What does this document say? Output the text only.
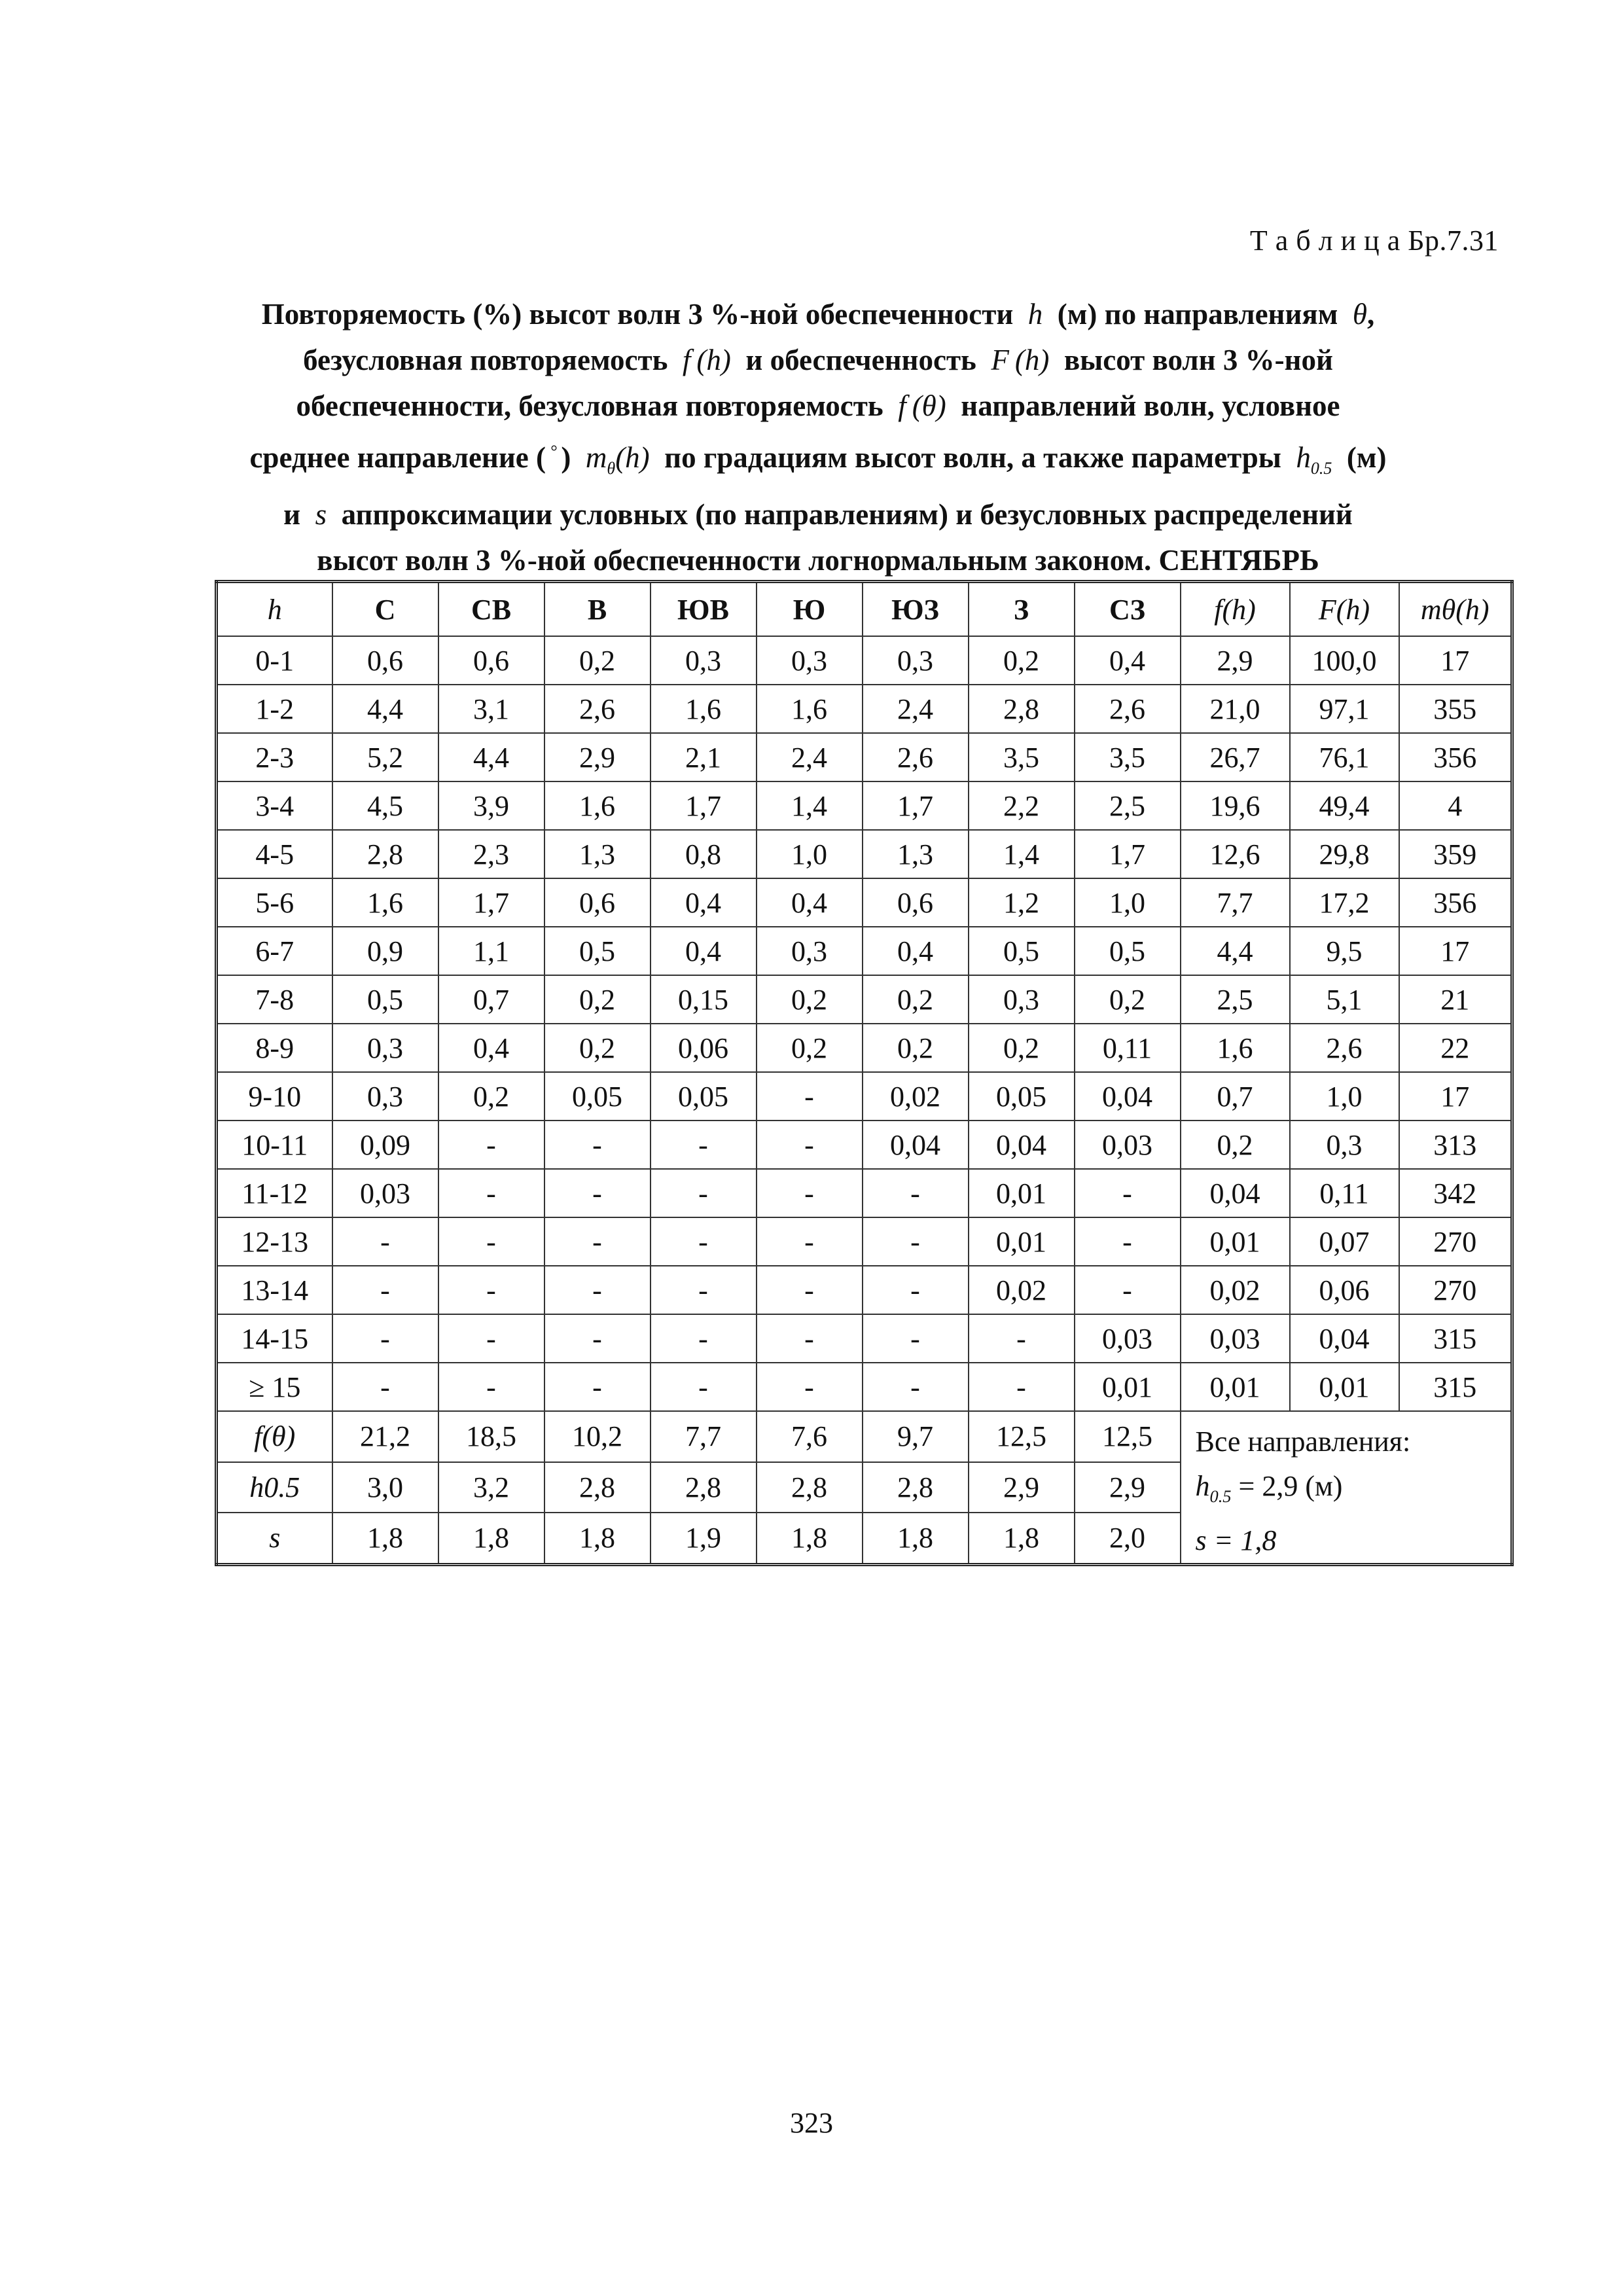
Т а б л и ц а Бр.7.31
Повторяемость (%) высот волн 3 %-ной обеспеченности  h  (м) по направлениям  θ,
безусловная повторяемость  f (h)  и обеспеченность  F (h)  высот волн 3 %-ной
обеспеченности, безусловная повторяемость  f (θ)  направлений волн, условное
среднее направление ( ° )  $m_\theta(h)$  по градациям высот волн, а также параметры  $h_{0.5}$ (м)
и  s  аппроксимации условных (по направлениям) и безусловных распределений
высот волн 3 %-ной обеспеченности логнормальным законом. СЕНТЯБРЬ
h	С	СВ	В	ЮВ	Ю	ЮЗ	З	СЗ	f(h)	F(h)	mθ(h)
0-1	0,6	0,6	0,2	0,3	0,3	0,3	0,2	0,4	2,9	100,0	17
1-2	4,4	3,1	2,6	1,6	1,6	2,4	2,8	2,6	21,0	97,1	355
2-3	5,2	4,4	2,9	2,1	2,4	2,6	3,5	3,5	26,7	76,1	356
3-4	4,5	3,9	1,6	1,7	1,4	1,7	2,2	2,5	19,6	49,4	4
4-5	2,8	2,3	1,3	0,8	1,0	1,3	1,4	1,7	12,6	29,8	359
5-6	1,6	1,7	0,6	0,4	0,4	0,6	1,2	1,0	7,7	17,2	356
6-7	0,9	1,1	0,5	0,4	0,3	0,4	0,5	0,5	4,4	9,5	17
7-8	0,5	0,7	0,2	0,15	0,2	0,2	0,3	0,2	2,5	5,1	21
8-9	0,3	0,4	0,2	0,06	0,2	0,2	0,2	0,11	1,6	2,6	22
9-10	0,3	0,2	0,05	0,05	-	0,02	0,05	0,04	0,7	1,0	17
10-11	0,09	-	-	-	-	0,04	0,04	0,03	0,2	0,3	313
11-12	0,03	-	-	-	-	-	0,01	-	0,04	0,11	342
12-13	-	-	-	-	-	-	0,01	-	0,01	0,07	270
13-14	-	-	-	-	-	-	0,02	-	0,02	0,06	270
14-15	-	-	-	-	-	-	-	0,03	0,03	0,04	315
≥ 15	-	-	-	-	-	-	-	0,01	0,01	0,01	315
f(θ)	21,2	18,5	10,2	7,7	7,6	9,7	12,5	12,5	Все направления:
$h_{0.5} = 2,9$ (м)
s = 1,8		

h0.5	3,0	3,2	2,8	2,8	2,8	2,8	2,9	2,9			
s	1,8	1,8	1,8	1,9	1,8	1,8	1,8	2,0			
323
